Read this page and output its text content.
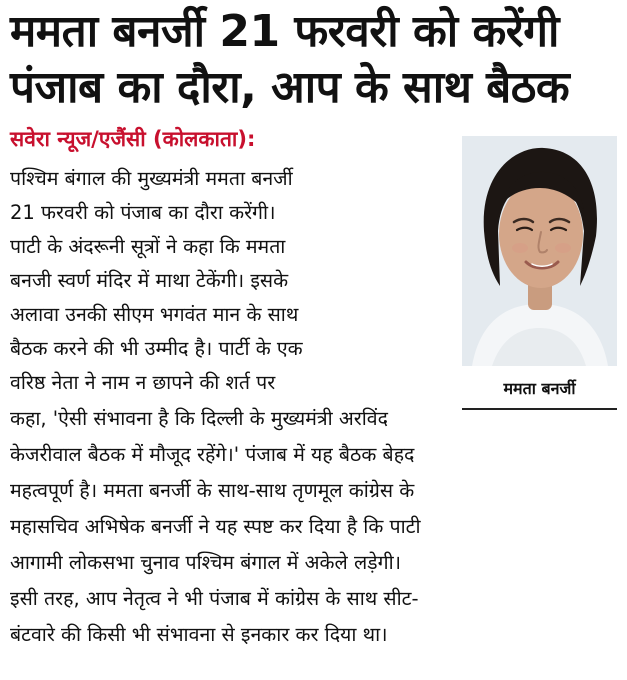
ममता बनर्जी 21 फरवरी को करेंगी
पंजाब का दौरा, आप के साथ बैठक
सवेरा न्यूज/एजैंसी (कोलकाता):
ममता बनर्जी

पश्चिम बंगाल की मुख्यमंत्री ममता बनर्जी

21 फरवरी को पंजाब का दौरा करेंगी।

पाटी के अंदरूनी सूत्रों ने कहा कि ममता

बनजी स्वर्ण मंदिर में माथा टेकेंगी। इसके

अलावा उनकी सीएम भगवंत मान के साथ

बैठक करने की भी उम्मीद है। पार्टी के एक

वरिष्ठ नेता ने नाम न छापने की शर्त पर

कहा, 'ऐसी संभावना है कि दिल्ली के मुख्यमंत्री अरविंद

केजरीवाल बैठक में मौजूद रहेंगे।' पंजाब में यह बैठक बेहद

महत्वपूर्ण है। ममता बनर्जी के साथ-साथ तृणमूल कांग्रेस के

महासचिव अभिषेक बनर्जी ने यह स्पष्ट कर दिया है कि पाटी

आगामी लोकसभा चुनाव पश्चिम बंगाल में अकेले लड़ेगी।

इसी तरह, आप नेतृत्व ने भी पंजाब में कांग्रेस के साथ सीट-

बंटवारे की किसी भी संभावना से इनकार कर दिया था।
